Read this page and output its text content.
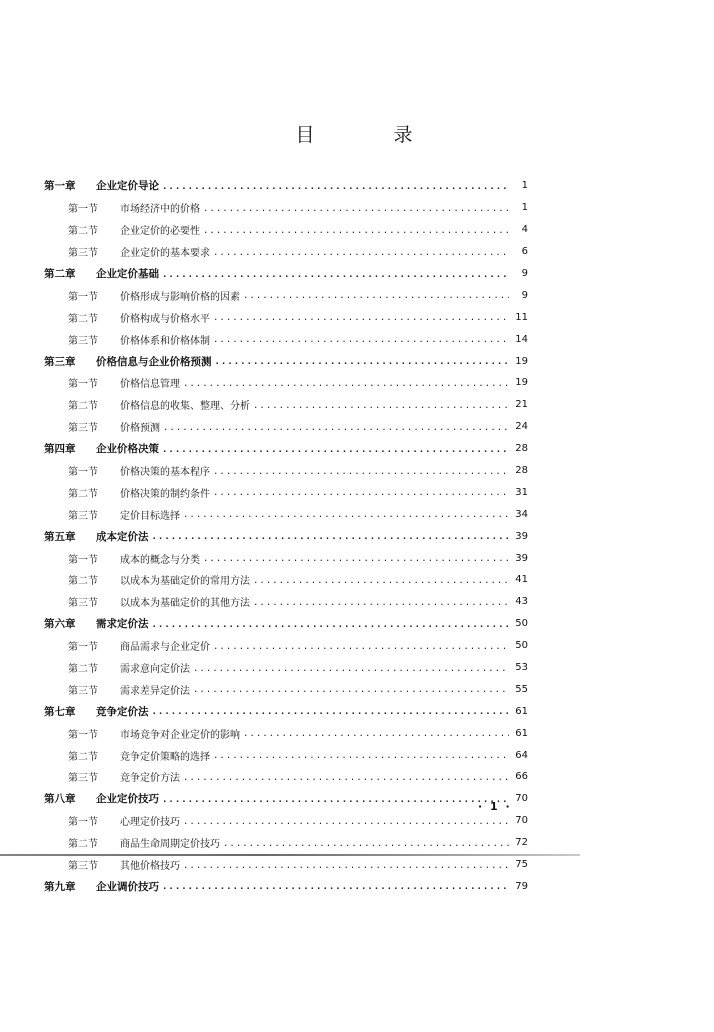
目　录
第一章	企业定价导论 .....	1
第一节	市场经济中的价格 .....	1
第二节	企业定价的必要性 .....	4
第三节	企业定价的基本要求 .....	6
第二章	企业定价基础 .....	9
第一节	价格形成与影响价格的因素 .....	9
第二节	价格构成与价格水平 .....	11
第三节	价格体系和价格体制 .....	14
第三章	价格信息与企业价格预测 .....	19
第一节	价格信息管理 .....	19
第二节	价格信息的收集、整理、分析 .....	21
第三节	价格预测 .....	24
第四章	企业价格决策 .....	28
第一节	价格决策的基本程序 .....	28
第二节	价格决策的制约条件 .....	31
第三节	定价目标选择 .....	34
第五章	成本定价法 .....	39
第一节	成本的概念与分类 .....	39
第二节	以成本为基础定价的常用方法 .....	41
第三节	以成本为基础定价的其他方法 .....	43
第六章	需求定价法 .....	50
第一节	商品需求与企业定价 .....	50
第二节	需求意向定价法 .....	53
第三节	需求差异定价法 .....	55
第七章	竞争定价法 .....	61
第一节	市场竞争对企业定价的影响 .....	61
第二节	竞争定价策略的选择 .....	64
第三节	竞争定价方法 .....	66
第八章	企业定价技巧 .....	70
第一节	心理定价技巧 .....	70
第二节	商品生命周期定价技巧 .....	72
第三节	其他价格技巧 .....	75
第九章	企业调价技巧 .....	79
· 1 ·
